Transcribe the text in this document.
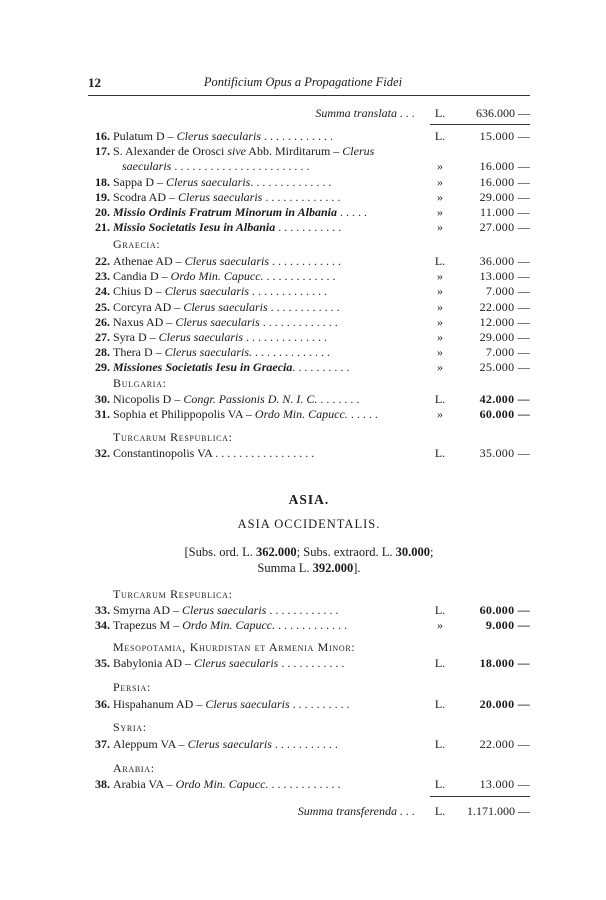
12	Pontificium Opus a Propagatione Fidei
Summa translata . . . L.	636.000 —
16. Pulatum D – Clerus saecularis . . . . . . . . . . . .	L.	15.000 —
17. S. Alexander de Orosci sive Abb. Mirditarum – Clerus
saecularis . . . . . . . . . . . . . . . . . . . . . . .	»	16.000 —
18. Sappa D – Clerus saecularis. . . . . . . . . . . . . .	»	16.000 —
19. Scodra AD – Clerus saecularis . . . . . . . . . . . . .	»	29.000 —
20. Missio Ordinis Fratrum Minorum in Albania . . . . .	»	11.000 —
21. Missio Societatis Iesu in Albania . . . . . . . . . . .	»	27.000 —
Graecia:
22. Athenae AD – Clerus saecularis . . . . . . . . . . . .	L.	36.000 —
23. Candia D – Ordo Min. Capucc. . . . . . . . . . . . .	»	13.000 —
24. Chius D – Clerus saecularis . . . . . . . . . . . . .	»	7.000 —
25. Corcyra AD – Clerus saecularis . . . . . . . . . . . .	»	22.000 —
26. Naxus AD – Clerus saecularis . . . . . . . . . . . . .	»	12.000 —
27. Syra D – Clerus saecularis . . . . . . . . . . . . . .	»	29.000 —
28. Thera D – Clerus saecularis. . . . . . . . . . . . . .	»	7.000 —
29. Missiones Societatis Iesu in Graecia. . . . . . . . . .	»	25.000 —
Bulgaria:
30. Nicopolis D – Congr. Passionis D. N. I. C. . . . . . . .	L.	42.000 —
31. Sophia et Philippopolis VA – Ordo Min. Capucc. . . . . .	»	60.000 —
Turcarum Respublica:
32. Constantinopolis VA . . . . . . . . . . . . . . . . .	L.	35.000 —
ASIA.
ASIA OCCIDENTALIS.
[Subs. ord. L. 362.000; Subs. extraord. L. 30.000;
Summa L. 392.000].
Turcarum Respublica:
33. Smyrna AD – Clerus saecularis . . . . . . . . . . . .	L.	60.000 —
34. Trapezus M – Ordo Min. Capucc. . . . . . . . . . . . .	»	9.000 —
Mesopotamia, Khurdistan et Armenia Minor:
35. Babylonia AD – Clerus saecularis . . . . . . . . . . .	L.	18.000 —
Persia:
36. Hispahanum AD – Clerus saecularis . . . . . . . . . .	L.	20.000 —
Syria:
37. Aleppum VA – Clerus saecularis . . . . . . . . . . .	L.	22.000 —
Arabia:
38. Arabia VA – Ordo Min. Capucc. . . . . . . . . . . . .	L.	13.000 —
Summa transferenda . . . L. 1.171.000 —
